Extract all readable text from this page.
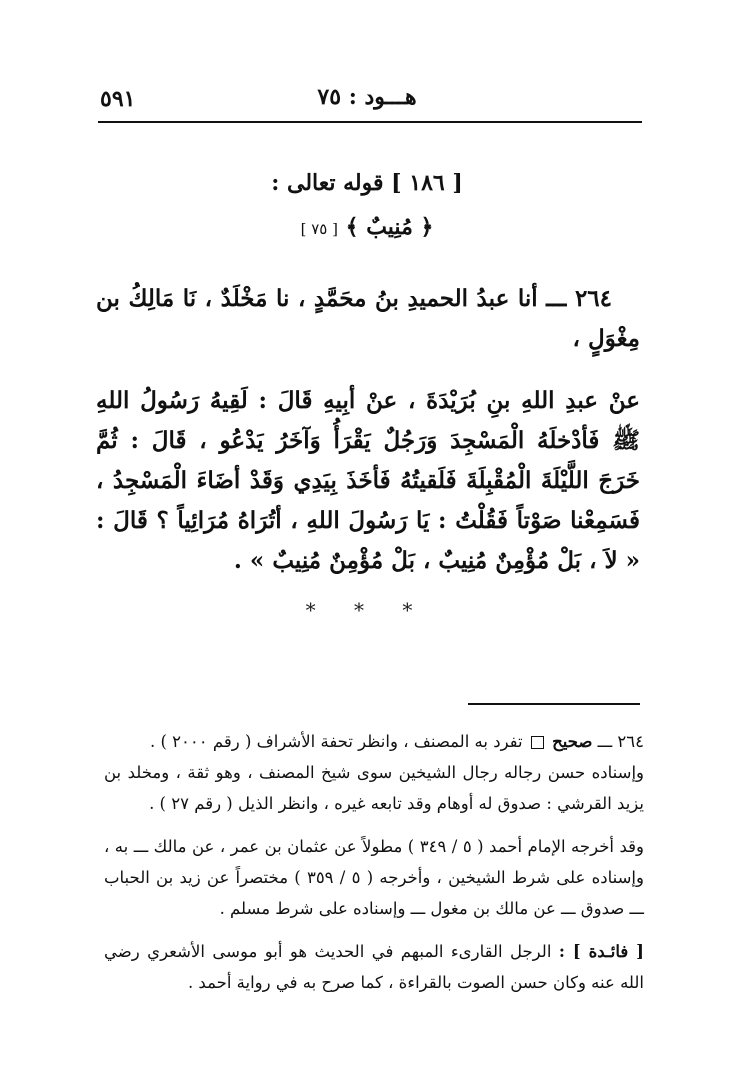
٥٩١	هـــود : ٧٥
[ ١٨٦ ] قوله تعالى :
﴿ مُنِيبٌ ﴾ [ ٧٥ ]

٢٦٤ ـــ أنا عبدُ الحميدِ بنُ محَمَّدٍ ، نا مَخْلَدٌ ، نَا مَالِكُ بن مِغْوَلٍ ،

عنْ عبدِ اللهِ بنِ بُرَيْدَةَ ، عنْ أبِيهِ قَالَ : لَقِيهُ رَسُولُ اللهِ ﷺ فَأدْخلَهُ الْمَسْجِدَ وَرَجُلٌ يَقْرَأُ وَآخَرُ يَدْعُو ، قَالَ : ثُمَّ خَرَجَ اللَّيْلَةَ الْمُقْبِلَةَ فَلَقيتُهُ فَأخَذَ بِيَدِي وَقَدْ أضَاءَ الْمَسْجِدُ ، فَسَمِعْنا صَوْتاً فَقُلْتُ : يَا رَسُولَ اللهِ ، أتُرَاهُ مُرَائِياً ؟ قَالَ : « لاَ ، بَلْ مُؤْمِنٌ مُنِيبٌ ، بَلْ مُؤْمِنٌ مُنِيبٌ » .

* * *

٢٦٤ ـــ صحيح  تفرد به المصنف ، وانظر تحفة الأشراف ( رقم ٢٠٠٠ ) .

وإسناده حسن رجاله رجال الشيخين سوى شيخ المصنف ، وهو ثقة ، ومخلد بن يزيد القرشي : صدوق له أوهام وقد تابعه غيره ، وانظر الذيل ( رقم ٢٧ ) .

وقد أخرجه الإمام أحمد ( ٥ / ٣٤٩ ) مطولاً عن عثمان بن عمر ، عن مالك ـــ به ، وإسناده على شرط الشيخين ، وأخرجه ( ٥ / ٣٥٩ ) مختصراً عن زيد بن الحباب ـــ صدوق ـــ عن مالك بن مغول ـــ وإسناده على شرط مسلم .

[ فائـدة ] : الرجل القارىء المبهم في الحديث هو أبو موسى الأشعري رضي الله عنه وكان حسن الصوت بالقراءة ، كما صرح به في رواية أحمد .
